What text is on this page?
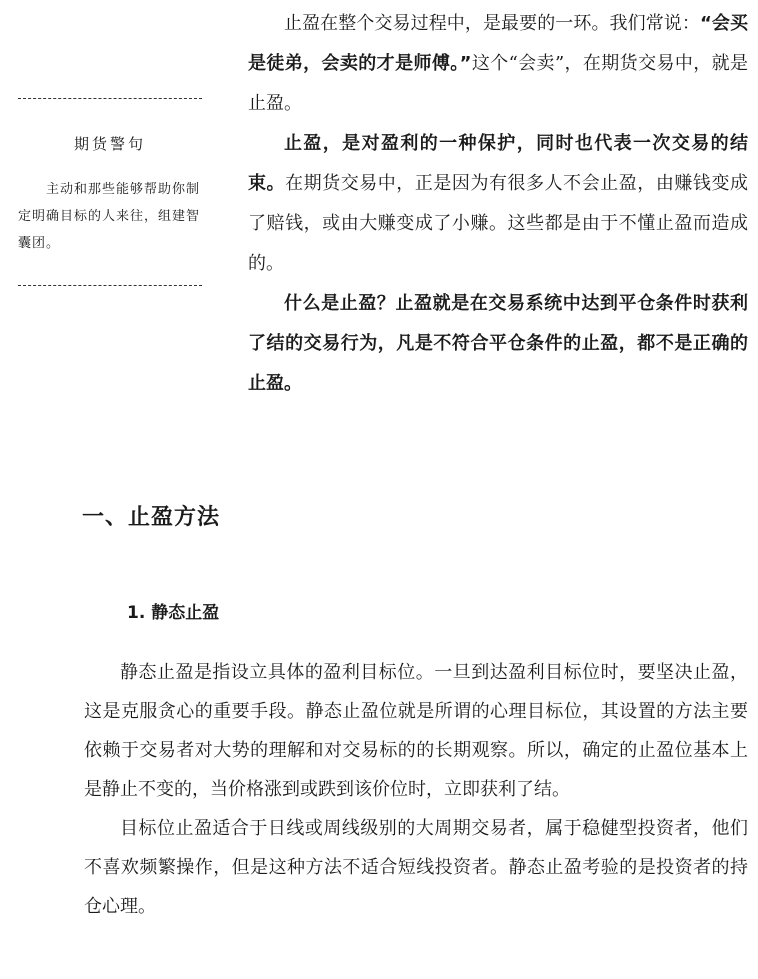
期货警句

主动和那些能够帮助你制定明确目标的人来往，组建智囊团。

止盈在整个交易过程中，是最要的一环。我们常说：“会买是徒弟，会卖的才是师傅。”这个“会卖”，在期货交易中，就是止盈。

止盈，是对盈利的一种保护，同时也代表一次交易的结束。在期货交易中，正是因为有很多人不会止盈，由赚钱变成了赔钱，或由大赚变成了小赚。这些都是由于不懂止盈而造成的。

什么是止盈？止盈就是在交易系统中达到平仓条件时获利了结的交易行为，凡是不符合平仓条件的止盈，都不是正确的止盈。

一、止盈方法
1. 静态止盈

静态止盈是指设立具体的盈利目标位。一旦到达盈利目标位时，要坚决止盈，这是克服贪心的重要手段。静态止盈位就是所谓的心理目标位，其设置的方法主要依赖于交易者对大势的理解和对交易标的的长期观察。所以，确定的止盈位基本上是静止不变的，当价格涨到或跌到该价位时，立即获利了结。

目标位止盈适合于日线或周线级别的大周期交易者，属于稳健型投资者，他们不喜欢频繁操作，但是这种方法不适合短线投资者。静态止盈考验的是投资者的持仓心理。
